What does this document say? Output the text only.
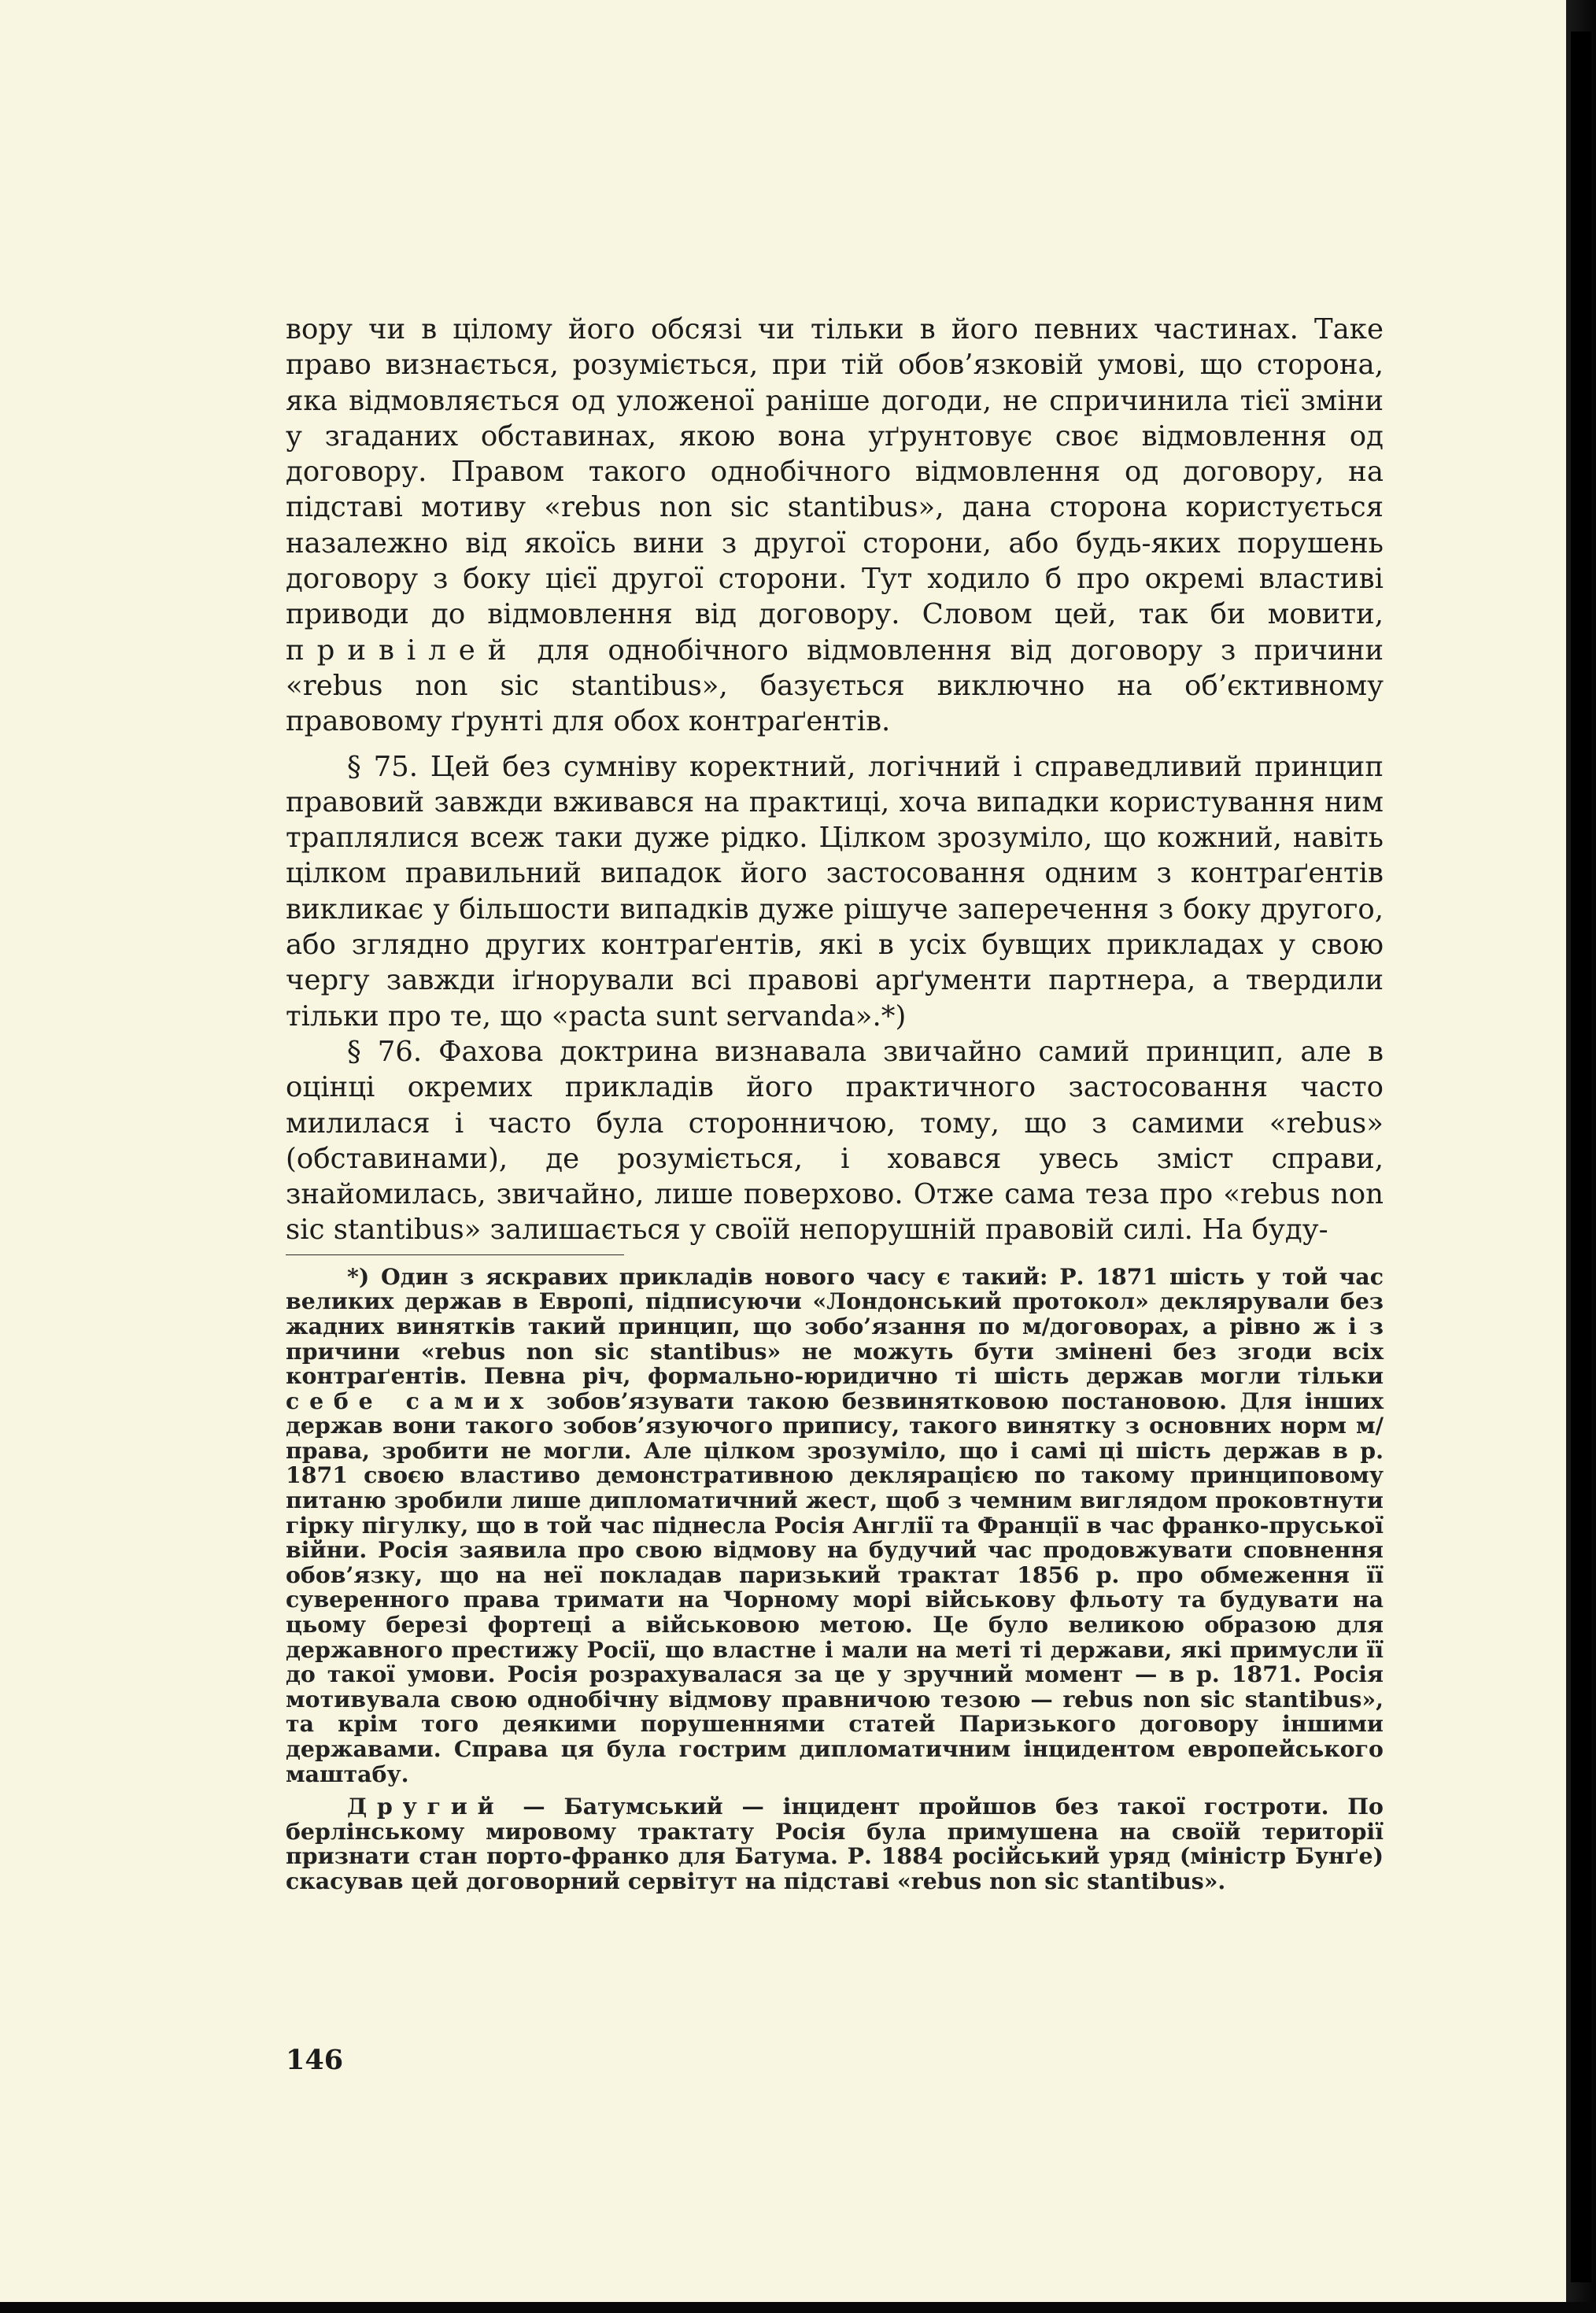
вору чи в цілому його обсязі чи тільки в його певних частинах. Таке право визнається, розуміється, при тій обов’язковій умові, що сторона, яка відмовляється од уложеної раніше догоди, не спричинила тієї зміни у згаданих обставинах, якою вона уґрунтовує своє відмовлення од договору. Правом такого однобічного відмовлення од договору, на підставі мотиву «rebus non sic stantibus», дана сторона користується назалежно від якоїсь вини з другої сторони, або будь-яких порушень договору з боку цієї другої сторони. Тут ходило б про окремі властиві приводи до відмовлення від договору. Словом цей, так би мовити, привілей для однобічного відмовлення від договору з причини «rebus non sic stantibus», базується виключно на об’єктивному правовому ґрунті для обох контраґентів.

§ 75. Цей без сумніву коректний, логічний і справедливий принцип правовий завжди вживався на практиці, хоча випадки користування ним траплялися всеж таки дуже рідко. Цілком зрозуміло, що кожний, навіть цілком правильний випадок його застосовання одним з контраґентів викликає у більшости випадків дуже рішуче заперечення з боку другого, або зглядно других контраґентів, які в усіх бувщих прикладах у свою чергу завжди іґнорували всі правові арґументи партнера, а твердили тільки про те, що «pacta sunt servanda».*)

§ 76. Фахова доктрина визнавала звичайно самий принцип, але в оцінці окремих прикладів його практичного застосовання часто милилася і часто була сторонничою, тому, що з самими «rebus» (обставинами), де розуміється, і ховався увесь зміст справи, знайомилась, звичайно, лише поверхово. Отже сама теза про «rebus non sic stantibus» залишається у своїй непорушній правовій силі. На буду-

*) Один з яскравих прикладів нового часу є такий: Р. 1871 шість у той час великих держав в Европі, підписуючи «Лондонський протокол» деклярували без жадних винятків такий принцип, що зобо’язання по м/договорах, а рівно ж і з причини «rebus non sic stantibus» не можуть бути змінені без згоди всіх контраґентів. Певна річ, формально-юридично ті шість держав могли тільки себе самих зобов’язувати такою безвинятковою постановою. Для інших держав вони такого зобов’язуючого припису, такого винятку з основних норм м/права, зробити не могли. Але цілком зрозуміло, що і самі ці шість держав в р. 1871 своєю властиво демонстративною деклярацією по такому принциповому питаню зробили лише дипломатичний жест, щоб з чемним виглядом проковтнути гірку пігулку, що в той час піднесла Росія Англії та Франції в час франко-пруської війни. Росія заявила про свою відмову на будучий час продовжувати сповнення обов’язку, що на неї покладав паризький трактат 1856 р. про обмеження її суверенного права тримати на Чорному морі військову фльоту та будувати на цьому березі фортеці а військовою метою. Це було великою образою для державного престижу Росії, що властне і мали на меті ті держави, які примусли її до такої умови. Росія розрахувалася за це у зручний момент — в р. 1871. Росія мотивувала свою однобічну відмову правничою тезою — rebus non sic stantibus», та крім того деякими порушеннями статей Паризького договору іншими державами. Справа ця була гострим дипломатичним інцидентом европейського маштабу.

Другий — Батумський — інцидент пройшов без такої гостроти. По берлінському мировому трактату Росія була примушена на своїй території признати стан порто-франко для Батума. Р. 1884 російський уряд (міністр Бунґе) скасував цей договорний сервітут на підставі «rebus non sic stantibus».

146
